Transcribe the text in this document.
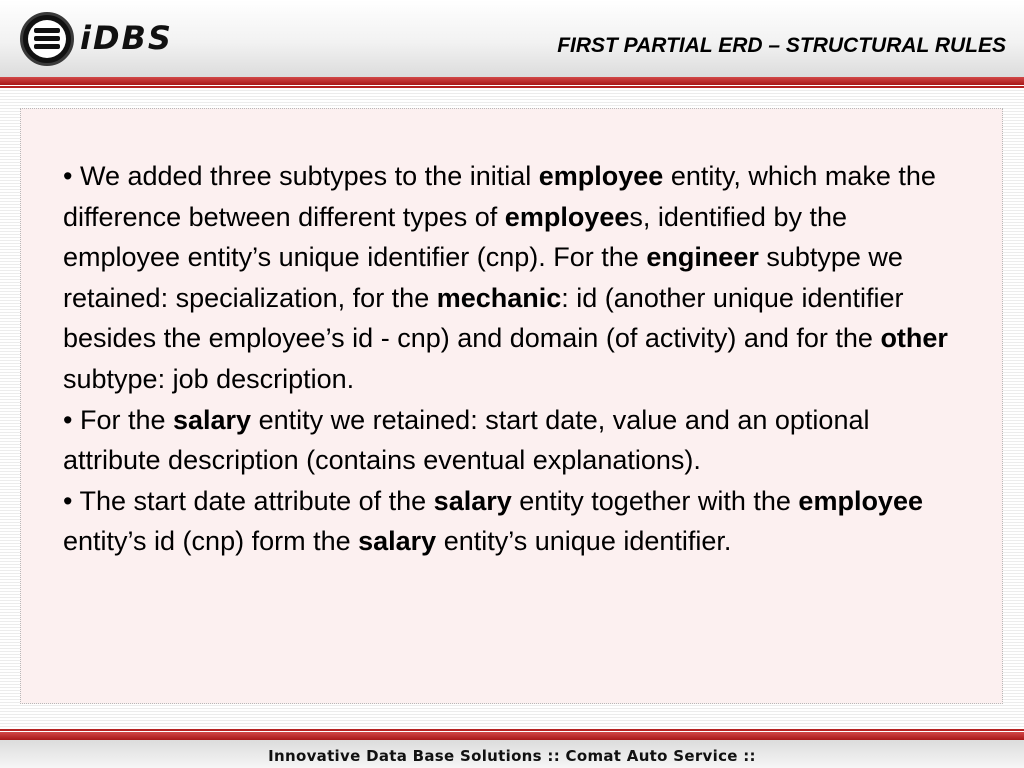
iDBS	FIRST PARTIAL ERD – STRUCTURAL RULES

• We added three subtypes to the initial employee entity, which make the difference between different types of employees, identified by the employee entity’s unique identifier (cnp). For the engineer subtype we retained: specialization, for the mechanic: id (another unique identifier besides the employee’s id - cnp) and domain (of activity) and for the other subtype: job description.

• For the salary entity we retained: start date, value and an optional attribute description (contains eventual explanations).

• The start date attribute of the salary entity together with the employee entity’s id (cnp) form the salary entity’s unique identifier.

Innovative Data Base Solutions :: Comat Auto Service ::
